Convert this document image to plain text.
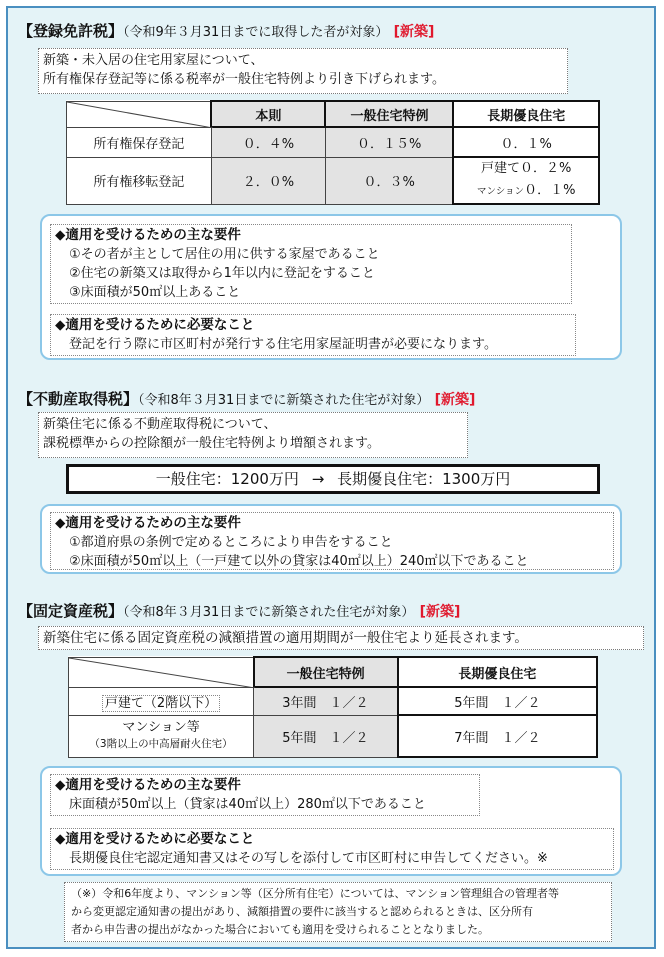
【登録免許税】（令和9年３月31日までに取得した者が対象） [新築]
新築・未入居の住宅用家屋について、
所有権保存登記等に係る税率が一般住宅特例より引き下げられます。
	本則	一般住宅特例	長期優良住宅
所有権保存登記	０．４%	０．１５%	０．１%
所有権移転登記	２．０%	０．３%	戸建て０．２%
マンション０．１%
◆適用を受けるための主な要件
①その者が主として居住の用に供する家屋であること
②住宅の新築又は取得から1年以内に登記をすること
③床面積が50㎡以上あること
◆適用を受けるために必要なこと
登記を行う際に市区町村が発行する住宅用家屋証明書が必要になります。
【不動産取得税】（令和8年３月31日までに新築された住宅が対象） [新築]
新築住宅に係る不動産取得税について、
課税標準からの控除額が一般住宅特例より増額されます。
一般住宅：1200万円 → 長期優良住宅：1300万円
◆適用を受けるための主な要件
①都道府県の条例で定めるところにより申告をすること
②床面積が50㎡以上（一戸建て以外の貸家は40㎡以上）240㎡以下であること
【固定資産税】（令和8年３月31日までに新築された住宅が対象） [新築]
新築住宅に係る固定資産税の減額措置の適用期間が一般住宅より延長されます。
	一般住宅特例	長期優良住宅
戸建て（2階以下）	3年間　１／２	5年間　１／２

マンション等
（3階以上の中高層耐火住宅）	5年間　１／２	7年間　１／２
◆適用を受けるための主な要件
床面積が50㎡以上（貸家は40㎡以上）280㎡以下であること
◆適用を受けるために必要なこと
長期優良住宅認定通知書又はその写しを添付して市区町村に申告してください。※
（※）令和6年度より、マンション等（区分所有住宅）については、マンション管理組合の管理者等
から変更認定通知書の提出があり、減額措置の要件に該当すると認められるときは、区分所有
者から申告書の提出がなかった場合においても適用を受けられることとなりました。
